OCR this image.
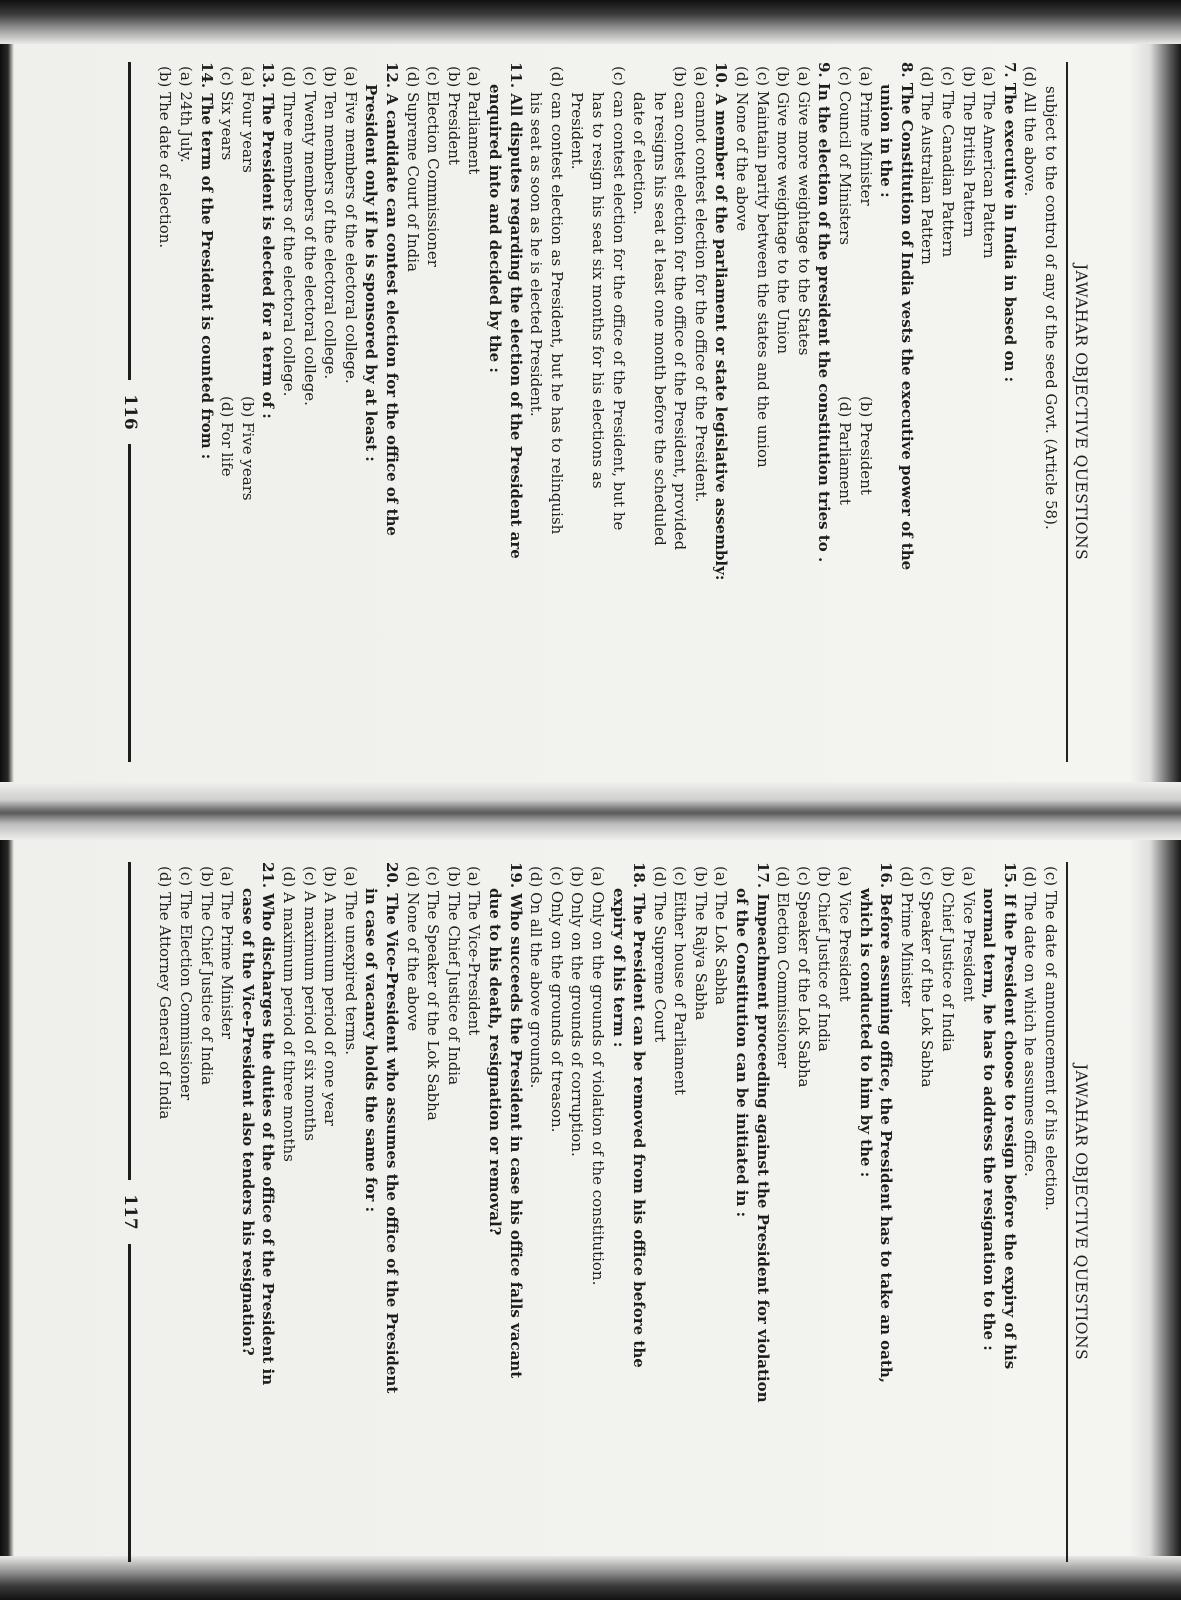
JAWAHAR OBJECTIVE QUESTIONS
subject to the control of any of the seed Govt. (Article 58).
(d) All the above.
7. The executive in India in based on :
(a) The American Pattern
(b) The British Pattern
(c) The Canadian Pattern
(d) The Australian Pattern
8. The Constitution of India vests the executive power of the
union in the :
(a) Prime Minister
(b) President
(c) Council of Ministers
(d) Parliament
9. In the election of the president the constitution tries to .
(a) Give more weightage to the States
(b) Give more weightage to the Union
(c) Maintain parity between the states and the union
(d) None of the above
10. A member of the parliament or state legislative assembly:
(a) cannot contest election for the office of the President.
(b) can contest election for the office of the President, provided
he resigns his seat at least one month before the scheduled
date of election.
(c) can contest election for the office of the President, but he
has to resign his seat six months for his elections as
President.
(d) can contest election as President, but he has to relinquish
his seat as soon as he is elected President.
11. All disputes regarding the election of the President are
enquired into and decided by the :
(a) Parliament
(b) President
(c) Election Commissioner
(d) Supreme Court of India
12. A candidate can contest election for the office of the
President only if he is sponsored by at least :
(a) Five members of the electoral college.
(b) Ten members of the electoral college.
(c) Twenty members of the electoral college.
(d) Three members of the electoral college.
13. The President is elected for a term of :
(a) Four years
(b) Five years
(c) Six years
(d) For life
14. The term of the President is counted from :
(a) 24th July.
(b) The date of election.
116
JAWAHAR OBJECTIVE QUESTIONS
(c) The date of announcement of his election.
(d) The date on which he assumes office.
15. If the President choose to resign before the expiry of his
normal term, he has to address the resignation to the :
(a) Vice President
(b) Chief Justice of India
(c) Speaker of the Lok Sabha
(d) Prime Minister
16. Before assuming office, the President has to take an oath,
which is conducted to him by the :
(a) Vice President
(b) Chief Justice of India
(c) Speaker of the Lok Sabha
(d) Election Commissioner
17. Impeachment proceeding against the President for violation
of the Constitution can be initiated in :
(a) The Lok Sabha
(b) The Rajya Sabha
(c) Either house of Parliament
(d) The Supreme Court
18. The President can be removed from his office before the
expiry of his term :
(a) Only on the grounds of violation of the constitution.
(b) Only on the grounds of corruption.
(c) Only on the grounds of treason.
(d) On all the above grounds.
19. Who succeeds the President in case his office falls vacant
due to his death, resignation or removal?
(a) The Vice-President
(b) The Chief Justice of India
(c) The Speaker of the Lok Sabha
(d) None of the above
20. The Vice-President who assumes the office of the President
in case of vacancy holds the same for :
(a) The unexpired terms.
(b) A maximum period of one year
(c) A maximum period of six months
(d) A maximum period of three months
21. Who discharges the duties of the office of the President in
case of the Vice-President also tenders his resignation?
(a) The Prime Minister
(b) The Chief Justice of India
(c) The Election Commissioner
(d) The Attorney General of India
117
